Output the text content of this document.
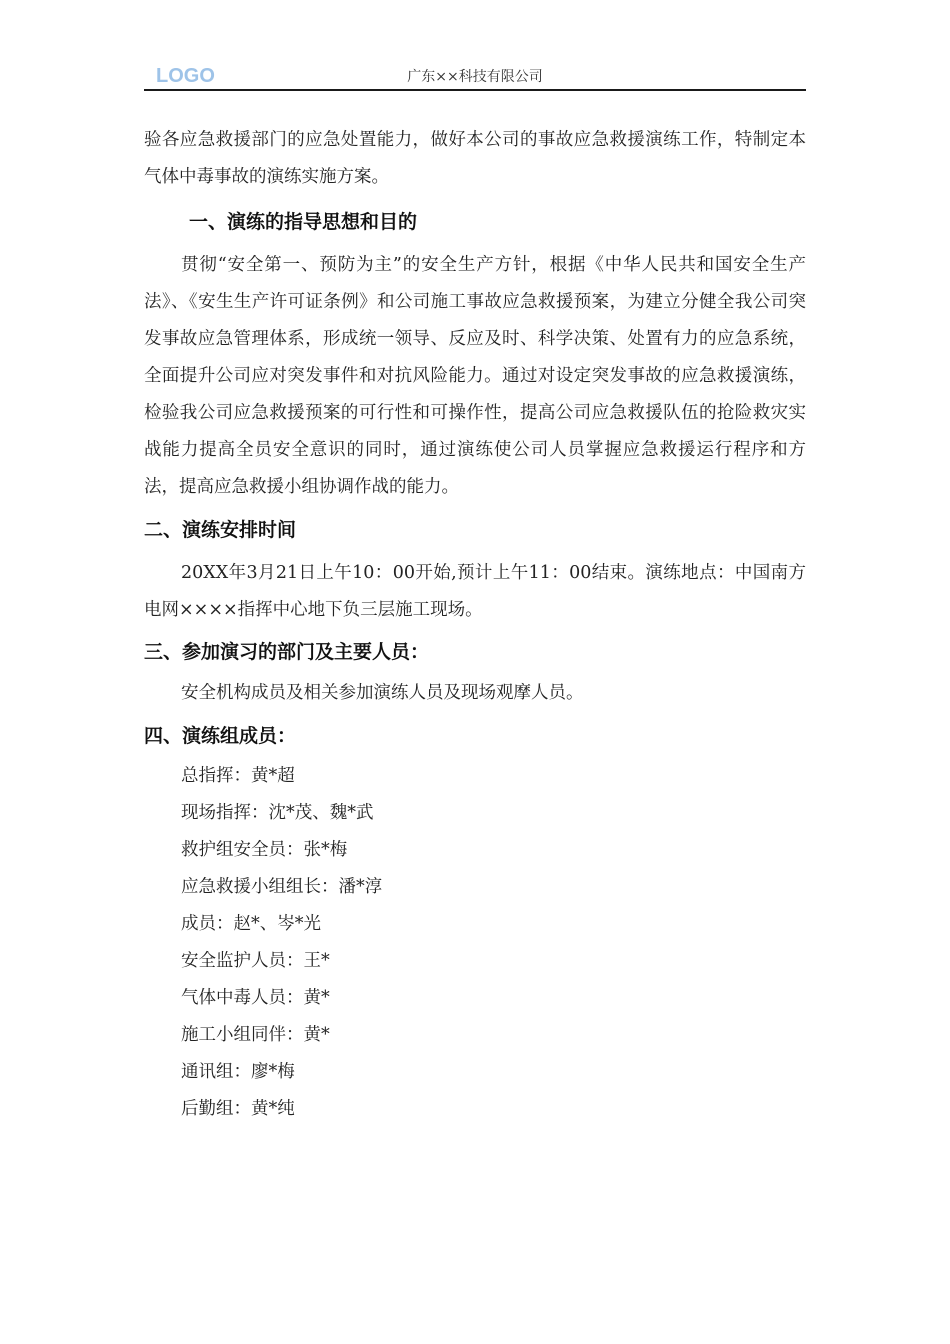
LOGO	广东××科技有限公司

验各应急救援部门的应急处置能力，做好本公司的事故应急救援演练工作，特制定本气体中毒事故的演练实施方案。

一、演练的指导思想和目的

贯彻“安全第一、预防为主”的安全生产方针，根据《中华人民共和国安全生产法》、《安生生产许可证条例》和公司施工事故应急救援预案，为建立分健全我公司突发事故应急管理体系，形成统一领导、反应及时、科学决策、处置有力的应急系统，全面提升公司应对突发事件和对抗风险能力。通过对设定突发事故的应急救援演练，检验我公司应急救援预案的可行性和可操作性，提高公司应急救援队伍的抢险救灾实战能力提高全员安全意识的同时，通过演练使公司人员掌握应急救援运行程序和方法，提高应急救援小组协调作战的能力。

二、演练安排时间

20XX年3月21日上午10：00开始,预计上午11：00结束。演练地点：中国南方电网××××指挥中心地下负三层施工现场。

三、参加演习的部门及主要人员：

安全机构成员及相关参加演练人员及现场观摩人员。

四、演练组成员：
总指挥：黄*超
现场指挥：沈*茂、魏*武
救护组安全员：张*梅
应急救援小组组长：潘*淳
成员：赵*、岑*光
安全监护人员：王*
气体中毒人员：黄*
施工小组同伴：黄*
通讯组：廖*梅
后勤组：黄*纯
